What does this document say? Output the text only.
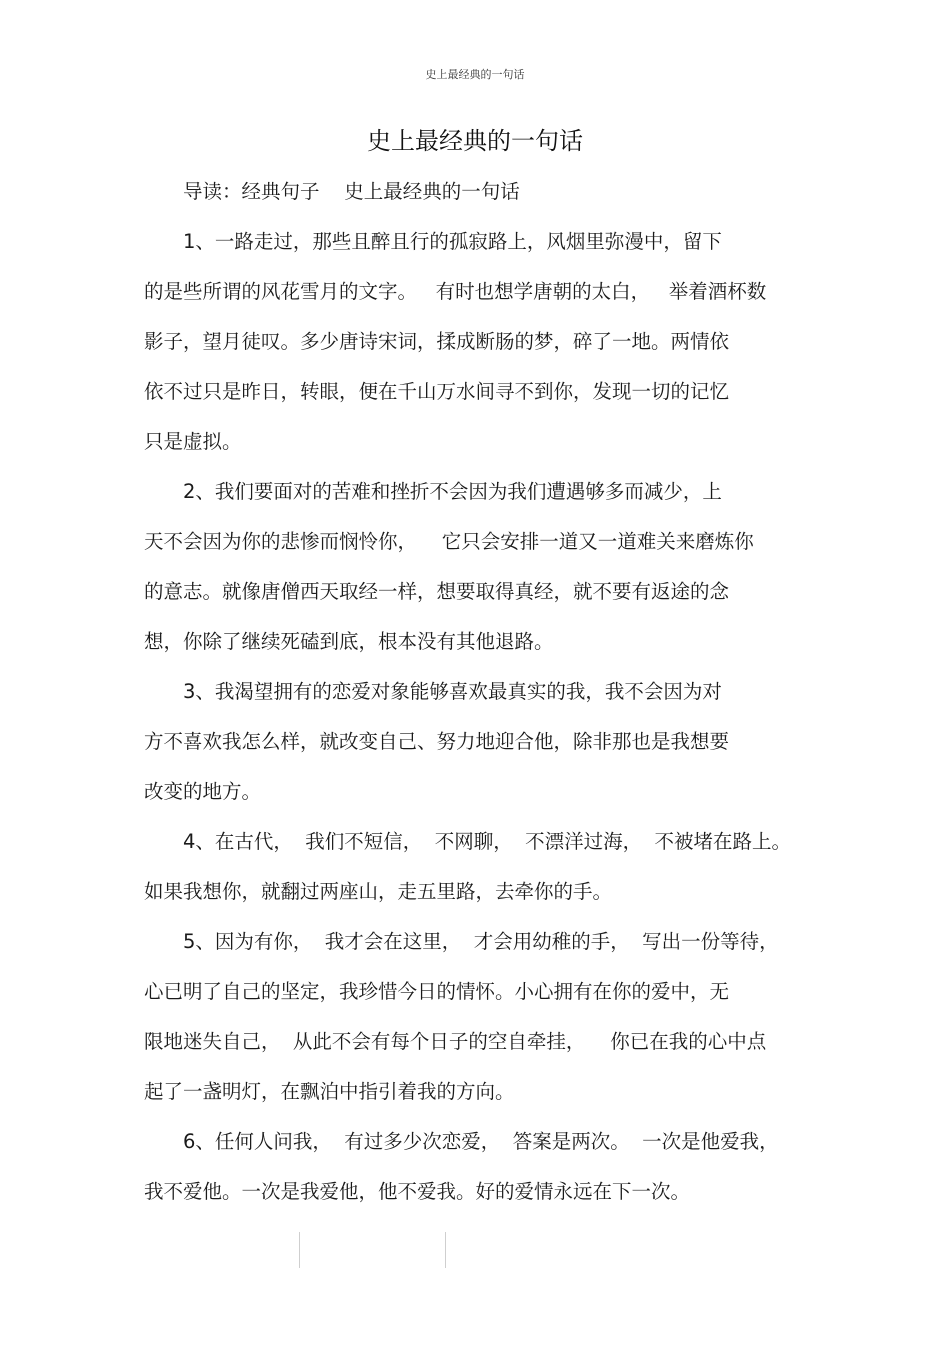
史上最经典的一句话
史上最经典的一句话
导读：经典句子    史上最经典的一句话
1、一路走过，那些且醉且行的孤寂路上，风烟里弥漫中，留下
的是些所谓的风花雪月的文字。   有时也想学唐朝的太白，   举着酒杯数
影子，望月徒叹。多少唐诗宋词，揉成断肠的梦，碎了一地。两情依
依不过只是昨日，转眼，便在千山万水间寻不到你，发现一切的记忆
只是虚拟。
2、我们要面对的苦难和挫折不会因为我们遭遇够多而减少，上
天不会因为你的悲惨而悯怜你，    它只会安排一道又一道难关来磨炼你
的意志。就像唐僧西天取经一样，想要取得真经，就不要有返途的念
想，你除了继续死磕到底，根本没有其他退路。
3、我渴望拥有的恋爱对象能够喜欢最真实的我，我不会因为对
方不喜欢我怎么样，就改变自己、努力地迎合他，除非那也是我想要
改变的地方。
4、在古代，  我们不短信，  不网聊，  不漂洋过海，  不被堵在路上。
如果我想你，就翻过两座山，走五里路，去牵你的手。
5、因为有你，  我才会在这里，  才会用幼稚的手，  写出一份等待，
心已明了自己的坚定，我珍惜今日的情怀。小心拥有在你的爱中，无
限地迷失自己，  从此不会有每个日子的空自牵挂，    你已在我的心中点
起了一盏明灯，在飘泊中指引着我的方向。
6、任何人问我，  有过多少次恋爱，  答案是两次。  一次是他爱我，
我不爱他。一次是我爱他，他不爱我。好的爱情永远在下一次。
